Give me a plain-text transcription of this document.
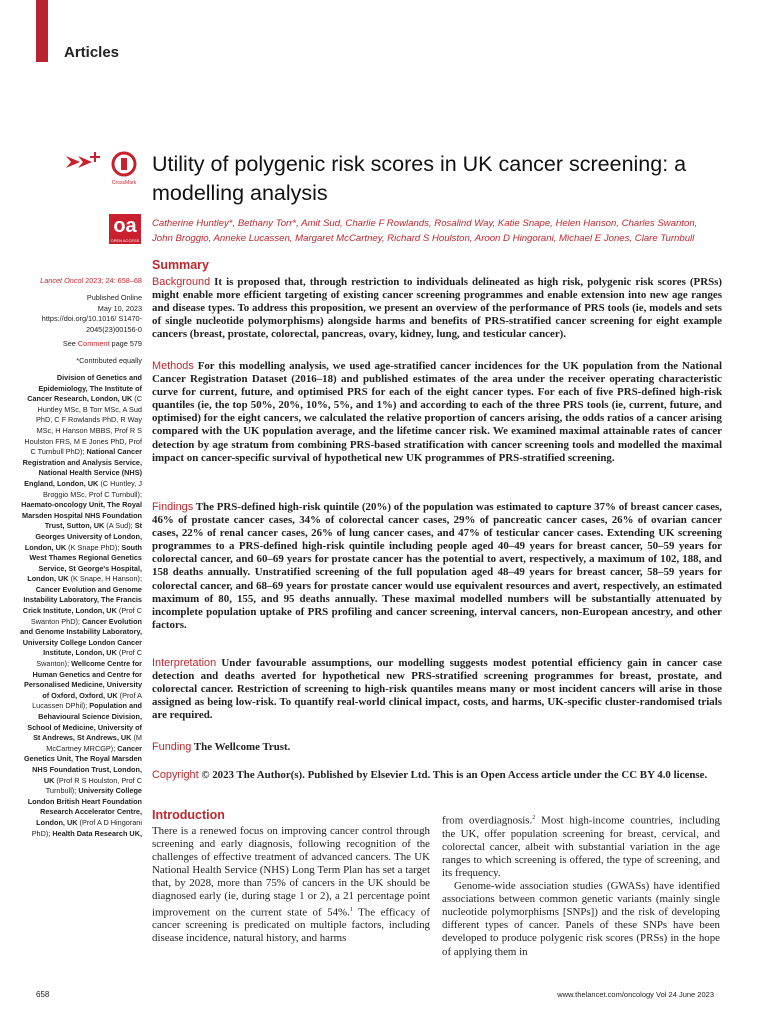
Articles
CrossMark
oa
OPEN ACCESS
Utility of polygenic risk scores in UK cancer screening: a modelling analysis
Catherine Huntley*, Bethany Torr*, Amit Sud, Charlie F Rowlands, Rosalind Way, Katie Snape, Helen Hanson, Charles Swanton, John Broggio, Anneke Lucassen, Margaret McCartney, Richard S Houlston, Aroon D Hingorani, Michael E Jones, Clare Turnbull
Lancet Oncol 2023; 24: 658–68
Published Online
May 10, 2023
https://doi.org/10.1016/ S1470-2045(23)00156-0
See Comment page 579
*Contributed equally
Division of Genetics and Epidemiology, The Institute of Cancer Research, London, UK (C Huntley MSc, B Torr MSc, A Sud PhD, C F Rowlands PhD, R Way MSc, H Hanson MBBS, Prof R S Houlston FRS, M E Jones PhD, Prof C Turnbull PhD); National Cancer Registration and Analysis Service, National Health Service (NHS) England, London, UK (C Huntley, J Broggio MSc, Prof C Turnbull); Haemato-oncology Unit, The Royal Marsden Hospital NHS Foundation Trust, Sutton, UK (A Sud); St Georges University of London, London, UK (K Snape PhD); South West Thames Regional Genetics Service, St George's Hospital, London, UK (K Snape, H Hanson); Cancer Evolution and Genome Instability Laboratory, The Francis Crick Institute, London, UK (Prof C Swanton PhD); Cancer Evolution and Genome Instability Laboratory, University College London Cancer Institute, London, UK (Prof C Swanton); Wellcome Centre for Human Genetics and Centre for Personalised Medicine, University of Oxford, Oxford, UK (Prof A Lucassen DPhil); Population and Behavioural Science Division, School of Medicine, University of St Andrews, St Andrews, UK (M McCartney MRCGP); Cancer Genetics Unit, The Royal Marsden NHS Foundation Trust, London, UK (Prof R S Houlston, Prof C Turnbull); University College London British Heart Foundation Research Accelerator Centre, London, UK (Prof A D Hingorani PhD); Health Data Research UK,
Summary

Background It is proposed that, through restriction to individuals delineated as high risk, polygenic risk scores (PRSs) might enable more efficient targeting of existing cancer screening programmes and enable extension into new age ranges and disease types. To address this proposition, we present an overview of the performance of PRS tools (ie, models and sets of single nucleotide polymorphisms) alongside harms and benefits of PRS-stratified cancer screening for eight example cancers (breast, prostate, colorectal, pancreas, ovary, kidney, lung, and testicular cancer).

Methods For this modelling analysis, we used age-stratified cancer incidences for the UK population from the National Cancer Registration Dataset (2016–18) and published estimates of the area under the receiver operating characteristic curve for current, future, and optimised PRS for each of the eight cancer types. For each of five PRS-defined high-risk quantiles (ie, the top 50%, 20%, 10%, 5%, and 1%) and according to each of the three PRS tools (ie, current, future, and optimised) for the eight cancers, we calculated the relative proportion of cancers arising, the odds ratios of a cancer arising compared with the UK population average, and the lifetime cancer risk. We examined maximal attainable rates of cancer detection by age stratum from combining PRS-based stratification with cancer screening tools and modelled the maximal impact on cancer-specific survival of hypothetical new UK programmes of PRS-stratified screening.

Findings The PRS-defined high-risk quintile (20%) of the population was estimated to capture 37% of breast cancer cases, 46% of prostate cancer cases, 34% of colorectal cancer cases, 29% of pancreatic cancer cases, 26% of ovarian cancer cases, 22% of renal cancer cases, 26% of lung cancer cases, and 47% of testicular cancer cases. Extending UK screening programmes to a PRS-defined high-risk quintile including people aged 40–49 years for breast cancer, 50–59 years for colorectal cancer, and 60–69 years for prostate cancer has the potential to avert, respectively, a maximum of 102, 188, and 158 deaths annually. Unstratified screening of the full population aged 48–49 years for breast cancer, 58–59 years for colorectal cancer, and 68–69 years for prostate cancer would use equivalent resources and avert, respectively, an estimated maximum of 80, 155, and 95 deaths annually. These maximal modelled numbers will be substantially attenuated by incomplete population uptake of PRS profiling and cancer screening, interval cancers, non-European ancestry, and other factors.

Interpretation Under favourable assumptions, our modelling suggests modest potential efficiency gain in cancer case detection and deaths averted for hypothetical new PRS-stratified screening programmes for breast, prostate, and colorectal cancer. Restriction of screening to high-risk quantiles means many or most incident cancers will arise in those assigned as being low-risk. To quantify real-world clinical impact, costs, and harms, UK-specific cluster-randomised trials are required.

Funding The Wellcome Trust.

Copyright © 2023 The Author(s). Published by Elsevier Ltd. This is an Open Access article under the CC BY 4.0 license.

Introduction

There is a renewed focus on improving cancer control through screening and early diagnosis, following recognition of the challenges of effective treatment of advanced cancers. The UK National Health Service (NHS) Long Term Plan has set a target that, by 2028, more than 75% of cancers in the UK should be diagnosed early (ie, during stage 1 or 2), a 21 percentage point improvement on the current state of 54%.$^1$ The efficacy of cancer screening is predicated on multiple factors, including disease incidence, natural history, and harms

from overdiagnosis.$^2$ Most high-income countries, including the UK, offer population screening for breast, cervical, and colorectal cancer, albeit with substantial variation in the age ranges to which screening is offered, the type of screening, and its frequency.

Genome-wide association studies (GWASs) have identified associations between common genetic variants (mainly single nucleotide polymorphisms [SNPs]) and the risk of developing different types of cancer. Panels of these SNPs have been developed to produce polygenic risk scores (PRSs) in the hope of applying them in

658	www.thelancet.com/oncology Vol 24 June 2023
